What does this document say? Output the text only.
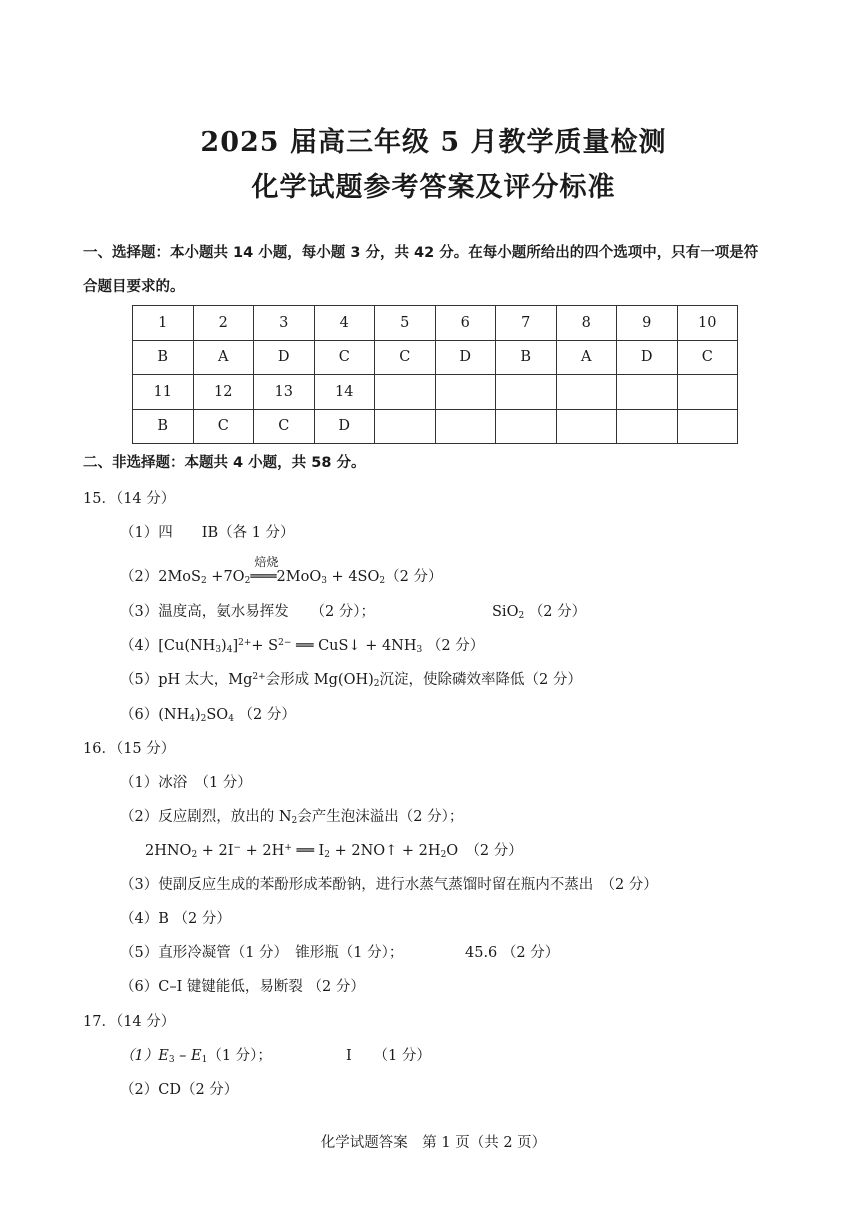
2025 届高三年级 5 月教学质量检测
化学试题参考答案及评分标准
一、选择题：本小题共 14 小题，每小题 3 分，共 42 分。在每小题所给出的四个选项中，只有一项是符
合题目要求的。
1	2	3	4	5	6	7	8	9	10
B	A	D	C	C	D	B	A	D	C
11	12	13	14						
B	C	C	D						
二、非选择题：本题共 4 小题，共 58 分。
15．（14 分）
（1）四　　IB（各 1 分）
$(2)2MoS_2 +7O_2$
焙烧
═══2MoO$_3$ + $4SO_2(2$ 分）
（3）温度高，氨水易挥发　　（2 分）；	SiO$_2$ （2 分）
$(4)[Cu(NH_3)_4]^{2+}+ S^{2-}$ ══ CuS↓ + $4NH_3$ （2 分）
（5）pH 太大，$Mg^{2+}$会形成 $Mg(OH)_2$沉淀，使除磷效率降低（2 分）
$(6)(NH_4)_2SO_4$ （2 分）
16．（15 分）
（1）冰浴　（1 分）
（2）反应剧烈，放出的 $N_2$会产生泡沫溢出（2 分）；
$2HNO_2 + 2I^- + 2H^+$ ══ $I_2$ + 2NO↑ + $2H_2O$　 （2 分）
（3）使副反应生成的苯酚形成苯酚钠，进行水蒸气蒸馏时留在瓶内不蒸出　（2 分）
（4）B （2 分）
（5）直形冷凝管（1 分）　锥形瓶（1 分）；	45.6 （2 分）
（6）C–I 键键能低，易断裂 （2 分）
17．（14 分）
$(1)E_3 - E_1(1$ 分）；	I　　 （1 分）
（2）CD（2 分）
化学试题答案　第 1 页（共 2 页）
